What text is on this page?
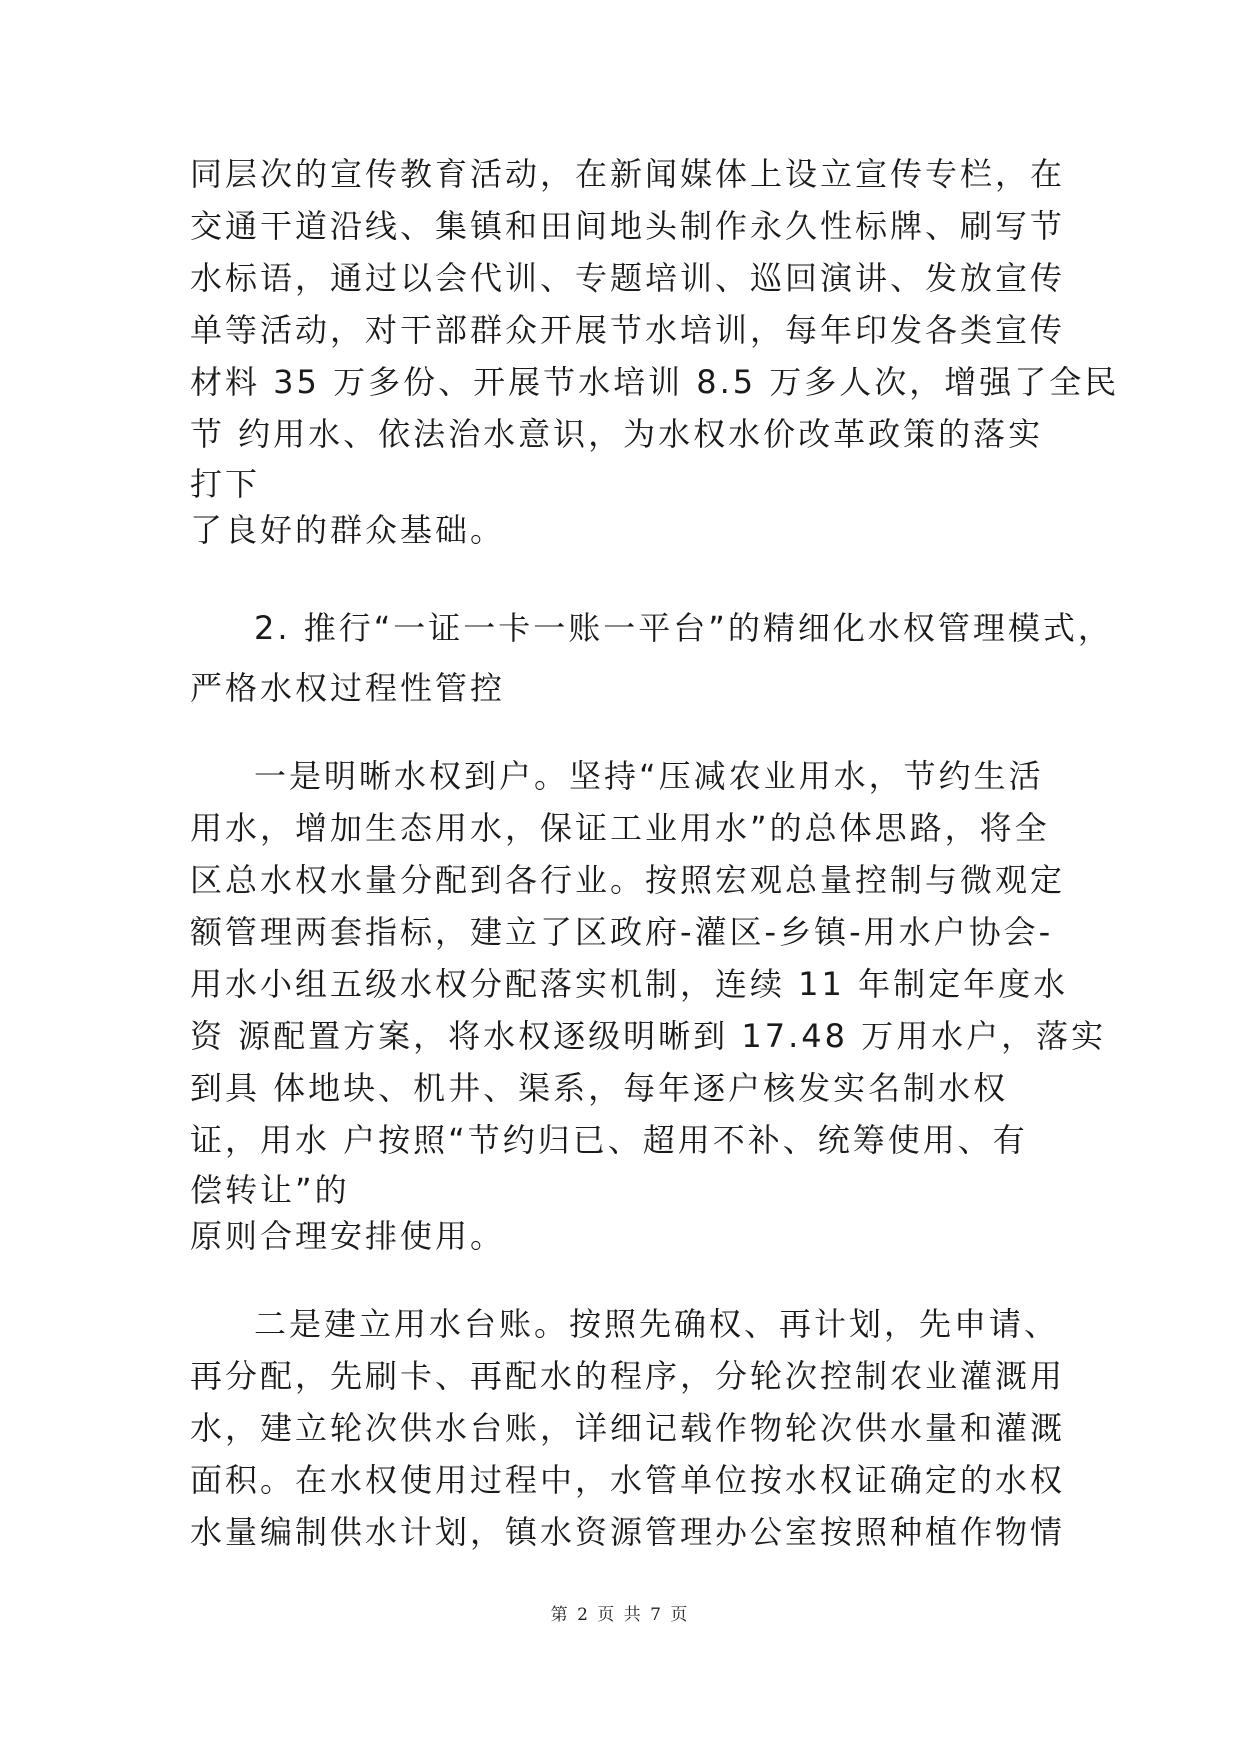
同层次的宣传教育活动，在新闻媒体上设立宣传专栏，在
交通干道沿线、集镇和田间地头制作永久性标牌、刷写节
水标语，通过以会代训、专题培训、巡回演讲、发放宣传
单等活动，对干部群众开展节水培训，每年印发各类宣传
材料 35 万多份、开展节水培训 8.5 万多人次，增强了全民
节 约用水、依法治水意识，为水权水价改革政策的落实
打下
了良好的群众基础。
2. 推行“一证一卡一账一平台”的精细化水权管理模式，
严格水权过程性管控
一是明晰水权到户。坚持“压减农业用水，节约生活
用水，增加生态用水，保证工业用水”的总体思路，将全
区总水权水量分配到各行业。按照宏观总量控制与微观定
额管理两套指标，建立了区政府-灌区-乡镇-用水户协会-
用水小组五级水权分配落实机制，连续 11 年制定年度水
资 源配置方案，将水权逐级明晰到 17.48 万用水户，落实
到具 体地块、机井、渠系，每年逐户核发实名制水权
证，用水 户按照“节约归已、超用不补、统筹使用、有
偿转让”的
原则合理安排使用。
二是建立用水台账。按照先确权、再计划，先申请、
再分配，先刷卡、再配水的程序，分轮次控制农业灌溉用
水，建立轮次供水台账，详细记载作物轮次供水量和灌溉
面积。在水权使用过程中，水管单位按水权证确定的水权
水量编制供水计划，镇水资源管理办公室按照种植作物情
第 2 页 共 7 页
